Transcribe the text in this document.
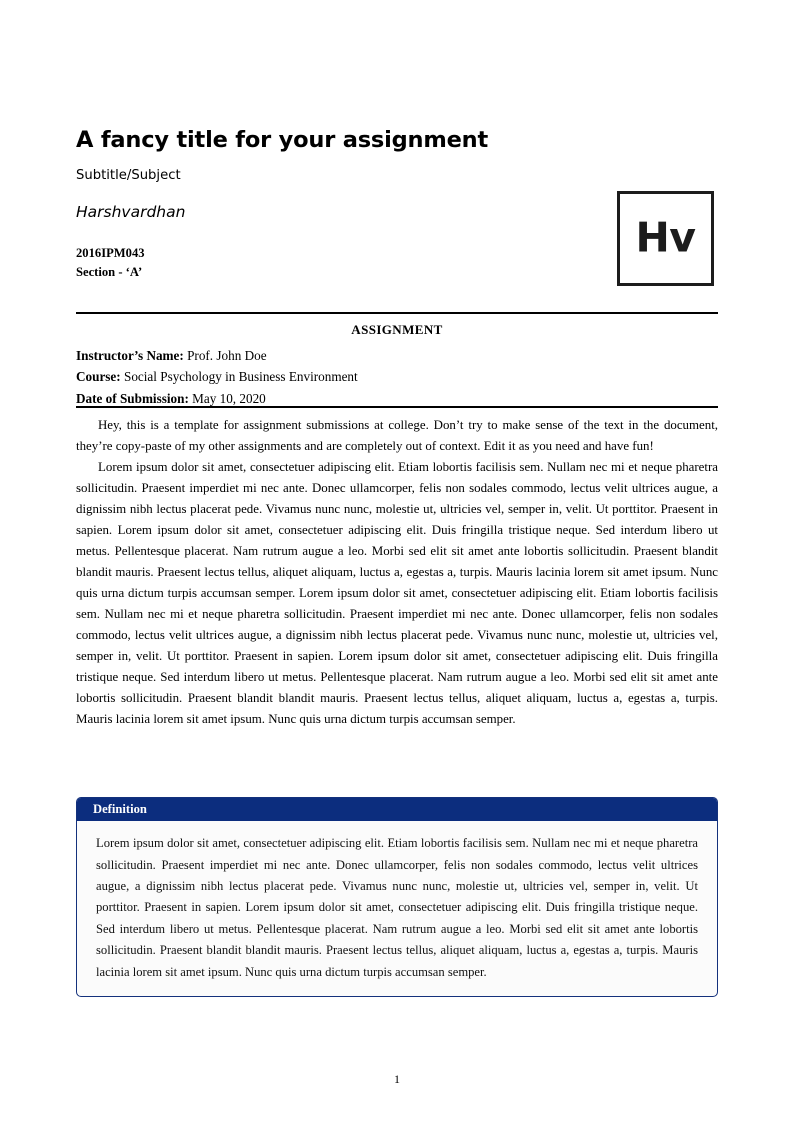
A fancy title for your assignment
Subtitle/Subject
Harshvardhan
2016IPM043
Section - ‘A’
Hv
ASSIGNMENT
Instructor’s Name: Prof. John Doe
Course: Social Psychology in Business Environment
Date of Submission: May 10, 2020

Hey, this is a template for assignment submissions at college. Don’t try to make sense of the text in the document, they’re copy-paste of my other assignments and are completely out of context. Edit it as you need and have fun!

Lorem ipsum dolor sit amet, consectetuer adipiscing elit. Etiam lobortis facilisis sem. Nullam nec mi et neque pharetra sollicitudin. Praesent imperdiet mi nec ante. Donec ullamcorper, felis non sodales commodo, lectus velit ultrices augue, a dignissim nibh lectus placerat pede. Vivamus nunc nunc, molestie ut, ultricies vel, semper in, velit. Ut porttitor. Praesent in sapien. Lorem ipsum dolor sit amet, consectetuer adipiscing elit. Duis fringilla tristique neque. Sed interdum libero ut metus. Pellentesque placerat. Nam rutrum augue a leo. Morbi sed elit sit amet ante lobortis sollicitudin. Praesent blandit blandit mauris. Praesent lectus tellus, aliquet aliquam, luctus a, egestas a, turpis. Mauris lacinia lorem sit amet ipsum. Nunc quis urna dictum turpis accumsan semper. Lorem ipsum dolor sit amet, consectetuer adipiscing elit. Etiam lobortis facilisis sem. Nullam nec mi et neque pharetra sollicitudin. Praesent imperdiet mi nec ante. Donec ullamcorper, felis non sodales commodo, lectus velit ultrices augue, a dignissim nibh lectus placerat pede. Vivamus nunc nunc, molestie ut, ultricies vel, semper in, velit. Ut porttitor. Praesent in sapien. Lorem ipsum dolor sit amet, consectetuer adipiscing elit. Duis fringilla tristique neque. Sed interdum libero ut metus. Pellentesque placerat. Nam rutrum augue a leo. Morbi sed elit sit amet ante lobortis sollicitudin. Praesent blandit blandit mauris. Praesent lectus tellus, aliquet aliquam, luctus a, egestas a, turpis. Mauris lacinia lorem sit amet ipsum. Nunc quis urna dictum turpis accumsan semper.

Definition

Lorem ipsum dolor sit amet, consectetuer adipiscing elit. Etiam lobortis facilisis sem. Nullam nec mi et neque pharetra sollicitudin. Praesent imperdiet mi nec ante. Donec ullamcorper, felis non sodales commodo, lectus velit ultrices augue, a dignissim nibh lectus placerat pede. Vivamus nunc nunc, molestie ut, ultricies vel, semper in, velit. Ut porttitor. Praesent in sapien. Lorem ipsum dolor sit amet, consectetuer adipiscing elit. Duis fringilla tristique neque. Sed interdum libero ut metus. Pellentesque placerat. Nam rutrum augue a leo. Morbi sed elit sit amet ante lobortis sollicitudin. Praesent blandit blandit mauris. Praesent lectus tellus, aliquet aliquam, luctus a, egestas a, turpis. Mauris lacinia lorem sit amet ipsum. Nunc quis urna dictum turpis accumsan semper.

1
